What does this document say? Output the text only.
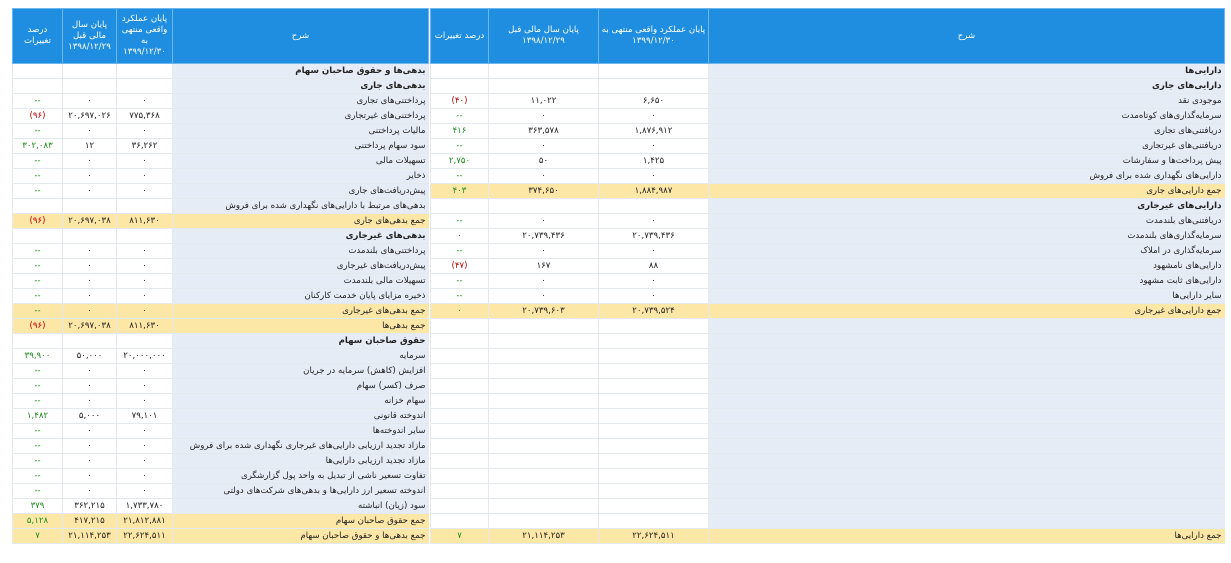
شرح	پایان عملکرد واقعی منتهی به ۱۳۹۹/۱۲/۳۰	پایان سال مالی قبل ۱۳۹۸/۱۲/۲۹	درصد تغییرات
بدهی‌ها و حقوق صاحبان سهام			
بدهی‌های جاری			
پرداختنی‌های تجاری	۰	۰	--
پرداختنی‌های غیرتجاری	۷۷۵,۳۶۸	۲۰,۶۹۷,۰۲۶	(۹۶)
مالیات پرداختنی	۰	۰	--
سود سهام پرداختنی	۳۶,۲۶۲	۱۲	۳۰۲,۰۸۳
تسهیلات مالی	۰	۰	--
ذخایر	۰	۰	--
پیش‌دریافت‌های جاری	۰	۰	--
بدهی‌های مرتبط با دارایی‌های نگهداری شده برای فروش			
جمع بدهی‌های جاری	۸۱۱,۶۳۰	۲۰,۶۹۷,۰۳۸	(۹۶)
بدهی‌های غیرجاری			
پرداختنی‌های بلندمدت	۰	۰	--
پیش‌دریافت‌های غیرجاری	۰	۰	--
تسهیلات مالی بلندمدت	۰	۰	--
ذخیره مزایای پایان خدمت کارکنان	۰	۰	--
جمع بدهی‌های غیرجاری	۰	۰	--
جمع بدهی‌ها	۸۱۱,۶۳۰	۲۰,۶۹۷,۰۳۸	(۹۶)
حقوق صاحبان سهام			
سرمایه	۲۰,۰۰۰,۰۰۰	۵۰,۰۰۰	۳۹,۹۰۰
افزایش (کاهش) سرمایه در جریان	۰	۰	--
صرف (کسر) سهام	۰	۰	--
سهام خزانه	۰	۰	--
اندوخته قانونی	۷۹,۱۰۱	۵,۰۰۰	۱,۴۸۲
سایر اندوخته‌ها	۰	۰	--
مازاد تجدید ارزیابی دارایی‌های غیرجاری نگهداری شده برای فروش	۰	۰	--
مازاد تجدید ارزیابی دارایی‌ها	۰	۰	--
تفاوت تسعیر ناشی از تبدیل به واحد پول گزارشگری	۰	۰	--
اندوخته تسعیر ارز دارایی‌ها و بدهی‌های شرکت‌های دولتی	۰	۰	--
سود (زیان) انباشته	۱,۷۳۳,۷۸۰	۳۶۲,۲۱۵	۳۷۹
جمع حقوق صاحبان سهام	۲۱,۸۱۲,۸۸۱	۴۱۷,۲۱۵	۵,۱۲۸
جمع بدهی‌ها و حقوق صاحبان سهام	۲۲,۶۲۴,۵۱۱	۲۱,۱۱۴,۲۵۳	۷
شرح	پایان عملکرد واقعی منتهی به ۱۳۹۹/۱۲/۳۰	پایان سال مالی قبل ۱۳۹۸/۱۲/۲۹	درصد تغییرات
دارایی‌ها			
دارایی‌های جاری			
موجودی نقد	۶,۶۵۰	۱۱,۰۲۲	(۴۰)
سرمایه‌گذاری‌های کوتاه‌مدت	۰	۰	--
دریافتنی‌های تجاری	۱,۸۷۶,۹۱۲	۳۶۳,۵۷۸	۴۱۶
دریافتنی‌های غیرتجاری	۰	۰	--
پیش پرداخت‌ها و سفارشات	۱,۴۲۵	۵۰	۲,۷۵۰
دارایی‌های نگهداری شده برای فروش	۰	۰	--
جمع دارایی‌های جاری	۱,۸۸۴,۹۸۷	۳۷۴,۶۵۰	۴۰۳
دارایی‌های غیرجاری			
دریافتنی‌های بلندمدت	۰	۰	--
سرمایه‌گذاری‌های بلندمدت	۲۰,۷۳۹,۴۳۶	۲۰,۷۳۹,۴۳۶	۰
سرمایه‌گذاری در املاک	۰	۰	--
دارایی‌های نامشهود	۸۸	۱۶۷	(۴۷)
دارایی‌های ثابت مشهود	۰	۰	--
سایر دارایی‌ها	۰	۰	--
جمع دارایی‌های غیرجاری	۲۰,۷۳۹,۵۲۴	۲۰,۷۳۹,۶۰۳	۰

جمع دارایی‌ها	۲۲,۶۲۴,۵۱۱	۲۱,۱۱۴,۲۵۳	۷
